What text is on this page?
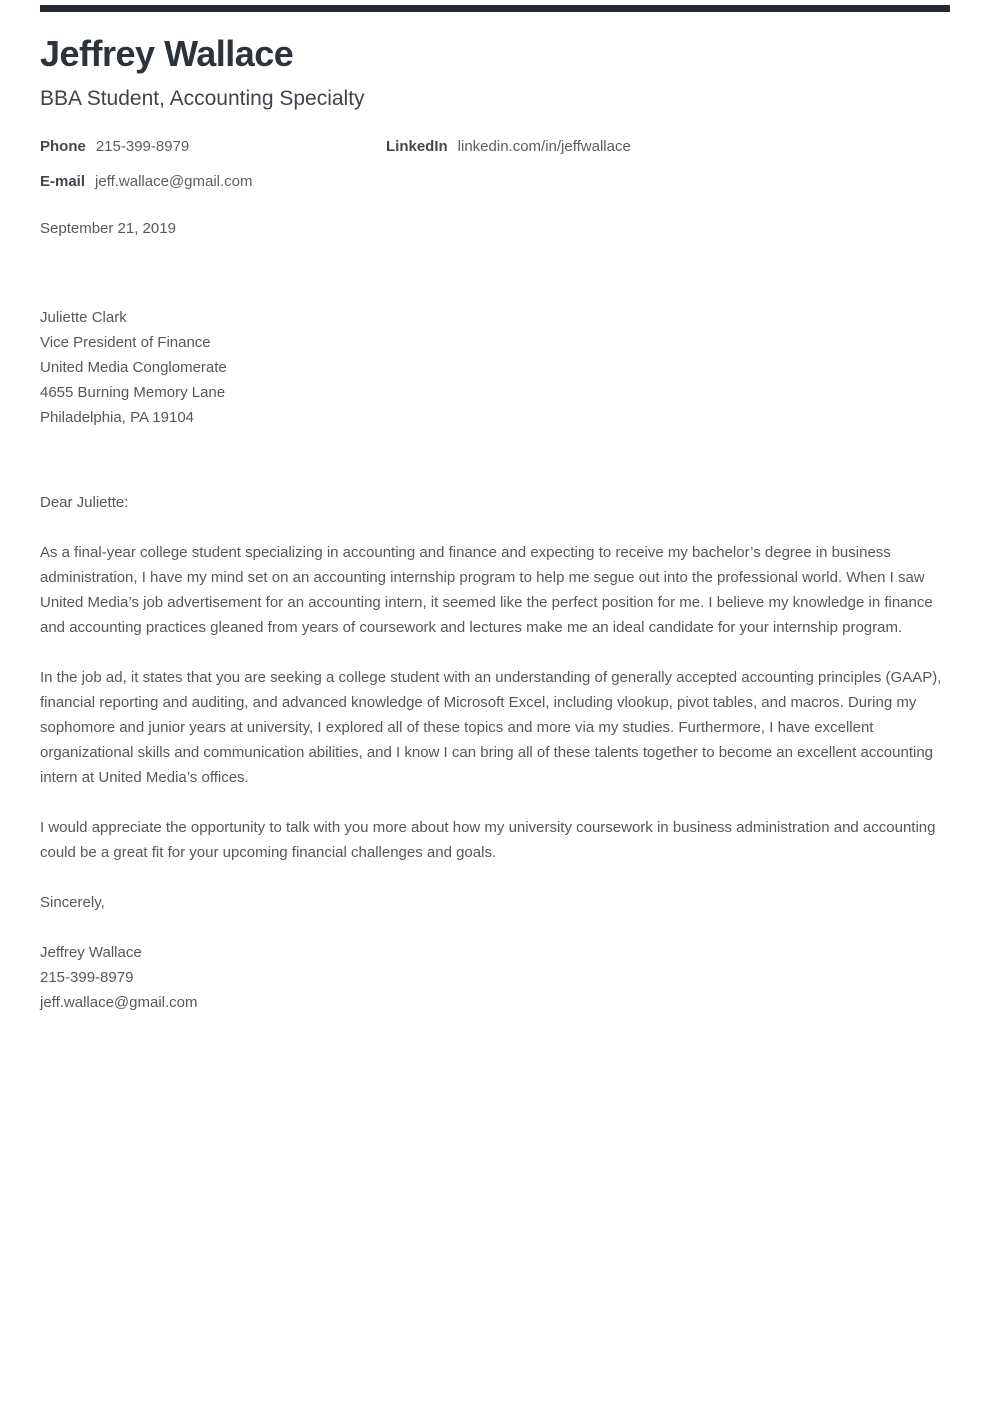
Jeffrey Wallace
BBA Student, Accounting Specialty
Phone 215-399-8979	LinkedIn linkedin.com/in/jeffwallace
E-mail jeff.wallace@gmail.com
September 21, 2019
Juliette Clark
Vice President of Finance
United Media Conglomerate
4655 Burning Memory Lane
Philadelphia, PA 19104
Dear Juliette:

As a final-year college student specializing in accounting and finance and expecting to receive my bachelor’s degree in business administration, I have my mind set on an accounting internship program to help me segue out into the professional world. When I saw United Media’s job advertisement for an accounting intern, it seemed like the perfect position for me. I believe my knowledge in finance and accounting practices gleaned from years of coursework and lectures make me an ideal candidate for your internship program.

In the job ad, it states that you are seeking a college student with an understanding of generally accepted accounting principles (GAAP), financial reporting and auditing, and advanced knowledge of Microsoft Excel, including vlookup, pivot tables, and macros. During my sophomore and junior years at university, I explored all of these topics and more via my studies. Furthermore, I have excellent organizational skills and communication abilities, and I know I can bring all of these talents together to become an excellent accounting intern at United Media’s offices.

I would appreciate the opportunity to talk with you more about how my university coursework in business administration and accounting could be a great fit for your upcoming financial challenges and goals.

Sincerely,
Jeffrey Wallace
215-399-8979
jeff.wallace@gmail.com
